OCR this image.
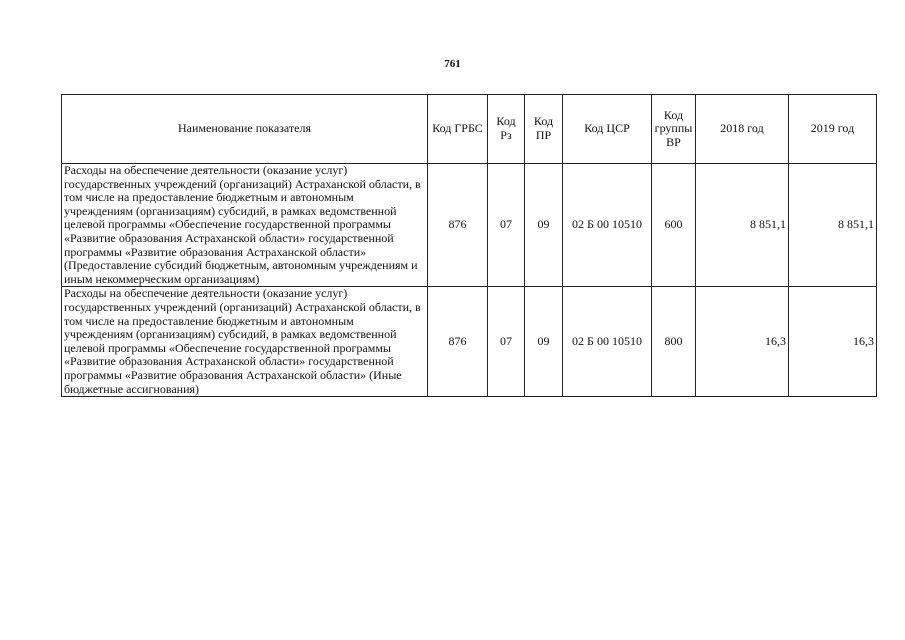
761
Наименование показателя	Код ГРБС	Код Рз	Код ПР	Код ЦСР	Код группы ВР	2018 год	2019 год
Расходы на обеспечение деятельности (оказание услуг) государственных учреждений (организаций) Астраханской области, в том числе на предоставление бюджетным и автономным учреждениям (организациям) субсидий, в рамках ведомственной целевой программы «Обеспечение государственной программы «Развитие образования Астраханской области» государственной программы «Развитие образования Астраханской области» (Предоставление субсидий бюджетным, автономным учреждениям и иным некоммерческим организациям)	876	07	09	02 Б 00 10510	600	8 851,1	8 851,1
Расходы на обеспечение деятельности (оказание услуг) государственных учреждений (организаций) Астраханской области, в том числе на предоставление бюджетным и автономным учреждениям (организациям) субсидий, в рамках ведомственной целевой программы «Обеспечение государственной программы «Развитие образования Астраханской области» государственной программы «Развитие образования Астраханской области» (Иные бюджетные ассигнования)	876	07	09	02 Б 00 10510	800	16,3	16,3
